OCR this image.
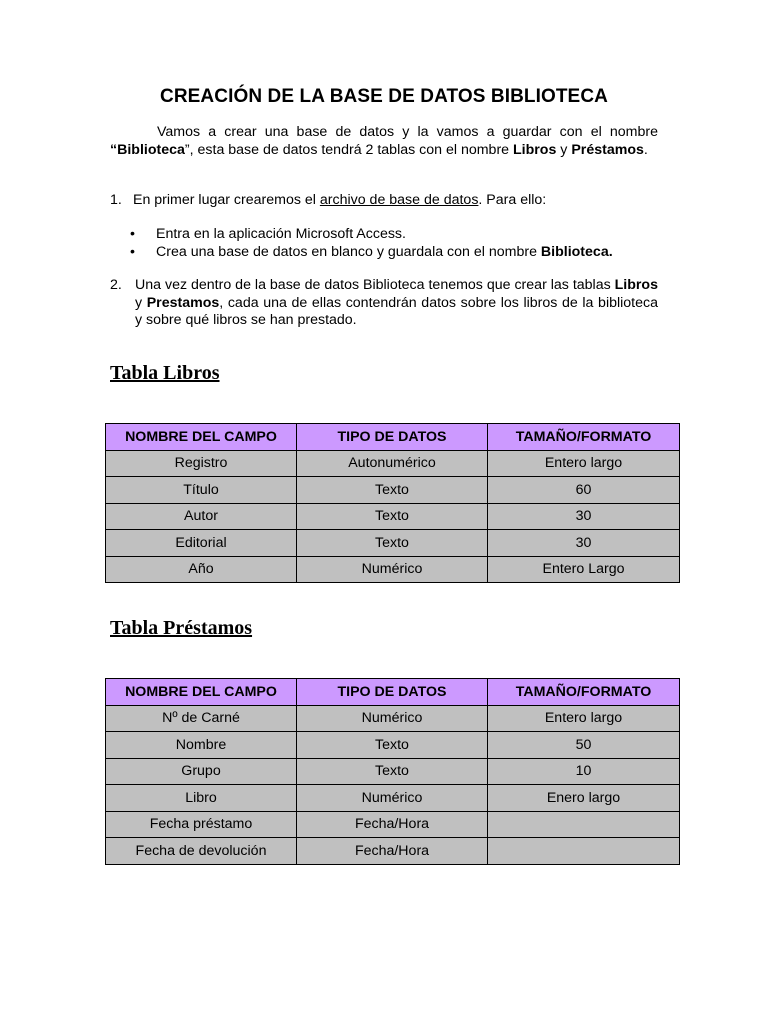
CREACIÓN DE LA BASE DE DATOS BIBLIOTECA
Vamos a crear una base de datos y la vamos a guardar con el nombre “Biblioteca”, esta base de datos tendrá 2 tablas con el nombre Libros y Préstamos.
1. En primer lugar crearemos el archivo de base de datos. Para ello:
• Entra en la aplicación Microsoft Access.
• Crea una base de datos en blanco y guardala con el nombre Biblioteca.
2. Una vez dentro de la base de datos Biblioteca tenemos que crear las tablas Libros y Prestamos, cada una de ellas contendrán datos sobre los libros de la biblioteca y sobre qué libros se han prestado.
Tabla Libros
NOMBRE DEL CAMPO	TIPO DE DATOS	TAMAÑO/FORMATO
Registro	Autonumérico	Entero largo
Título	Texto	60
Autor	Texto	30
Editorial	Texto	30
Año	Numérico	Entero Largo
Tabla Préstamos
NOMBRE DEL CAMPO	TIPO DE DATOS	TAMAÑO/FORMATO
Nº de Carné	Numérico	Entero largo
Nombre	Texto	50
Grupo	Texto	10
Libro	Numérico	Enero largo
Fecha préstamo	Fecha/Hora	
Fecha de devolución	Fecha/Hora	
